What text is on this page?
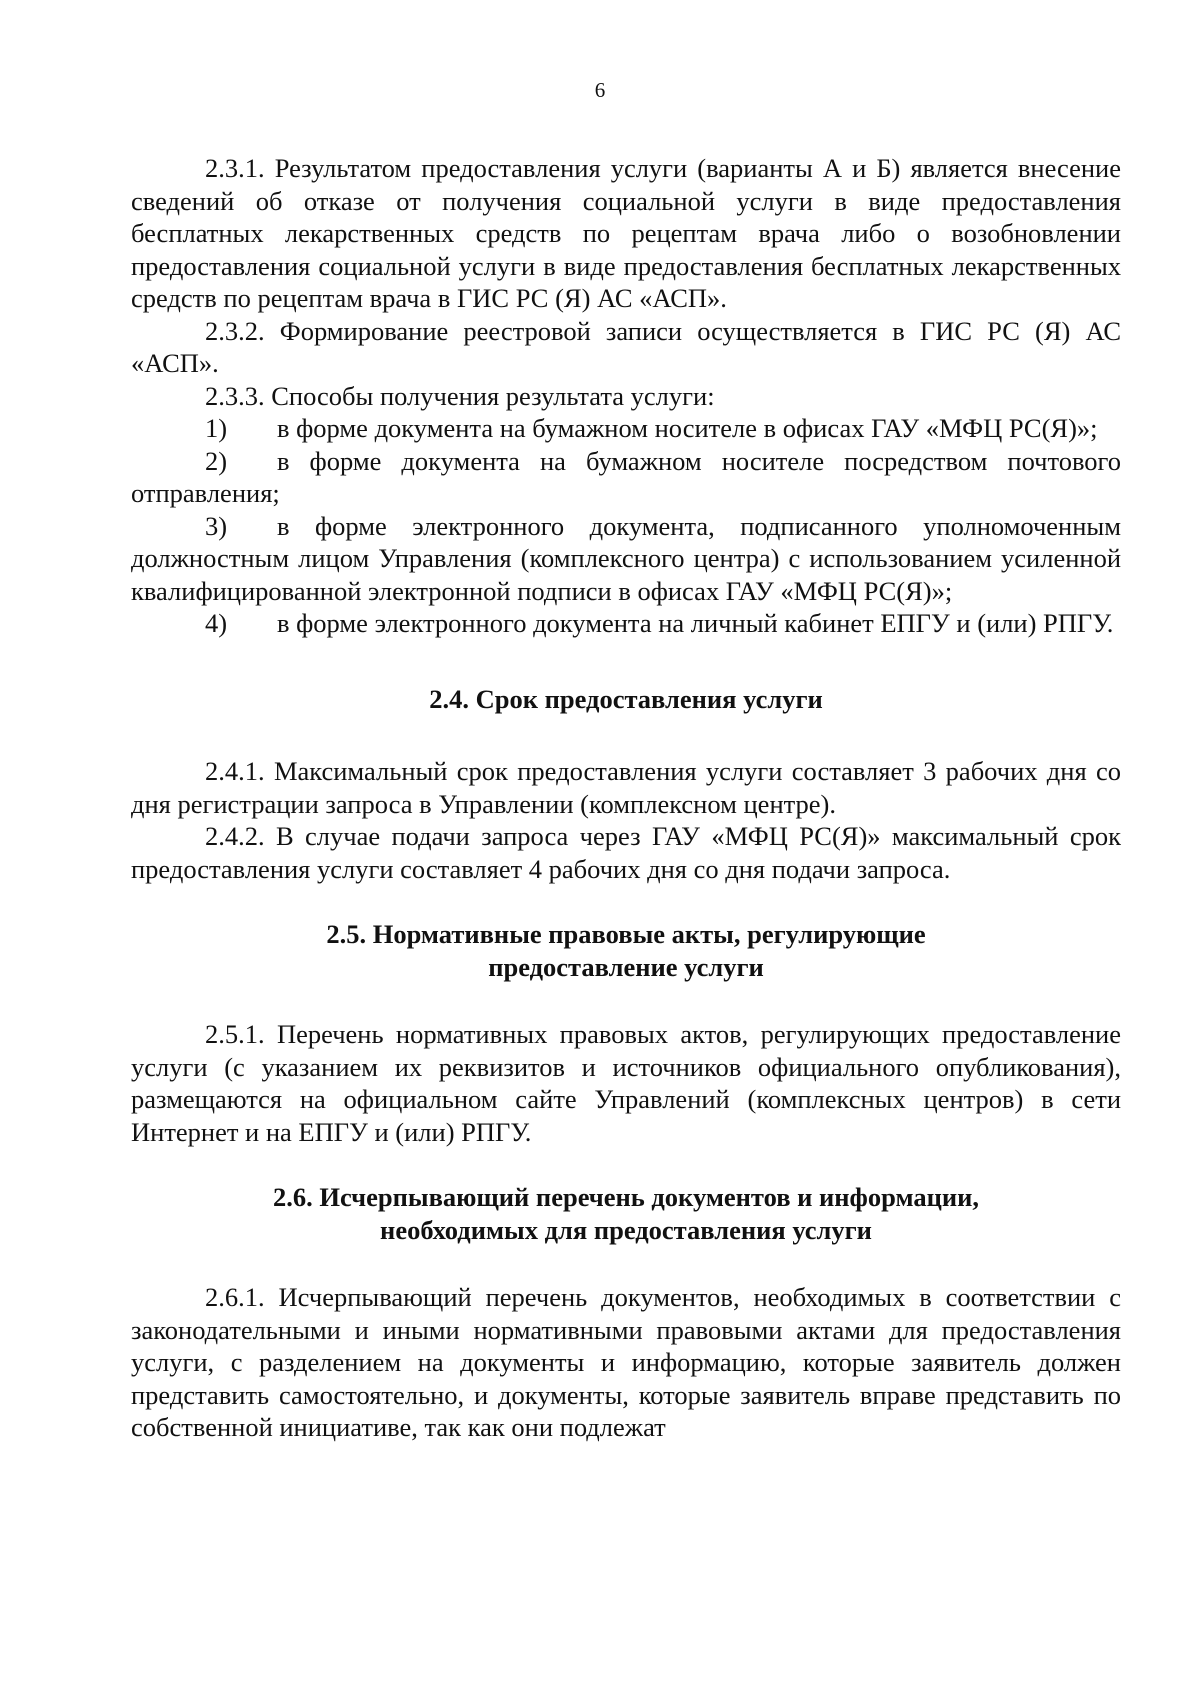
6

2.3.1. Результатом предоставления услуги (варианты А и Б) является внесение сведений об отказе от получения социальной услуги в виде предоставления бесплатных лекарственных средств по рецептам врача либо о возобновлении предоставления социальной услуги в виде предоставления бесплатных лекарственных средств по рецептам врача в ГИС РС (Я) АС «АСП».

2.3.2. Формирование реестровой записи осуществляется в ГИС РС (Я) АС «АСП».

2.3.3. Способы получения результата услуги:

1) в форме документа на бумажном носителе в офисах ГАУ «МФЦ РС(Я)»;

2) в форме документа на бумажном носителе посредством почтового отправления;

3) в форме электронного документа, подписанного уполномоченным должностным лицом Управления (комплексного центра) с использованием усиленной квалифицированной электронной подписи в офисах ГАУ «МФЦ РС(Я)»;

4) в форме электронного документа на личный кабинет ЕПГУ и (или) РПГУ.

2.4. Срок предоставления услуги

2.4.1. Максимальный срок предоставления услуги составляет 3 рабочих дня со дня регистрации запроса в Управлении (комплексном центре).

2.4.2. В случае подачи запроса через ГАУ «МФЦ РС(Я)» максимальный срок предоставления услуги составляет 4 рабочих дня со дня подачи запроса.

2.5. Нормативные правовые акты, регулирующие
предоставление услуги

2.5.1. Перечень нормативных правовых актов, регулирующих предоставление услуги (с указанием их реквизитов и источников официального опубликования), размещаются на официальном сайте Управлений (комплексных центров) в сети Интернет и на ЕПГУ и (или) РПГУ.

2.6. Исчерпывающий перечень документов и информации,
необходимых для предоставления услуги

2.6.1. Исчерпывающий перечень документов, необходимых в соответствии с законодательными и иными нормативными правовыми актами для предоставления услуги, с разделением на документы и информацию, которые заявитель должен представить самостоятельно, и документы, которые заявитель вправе представить по собственной инициативе, так как они подлежат
